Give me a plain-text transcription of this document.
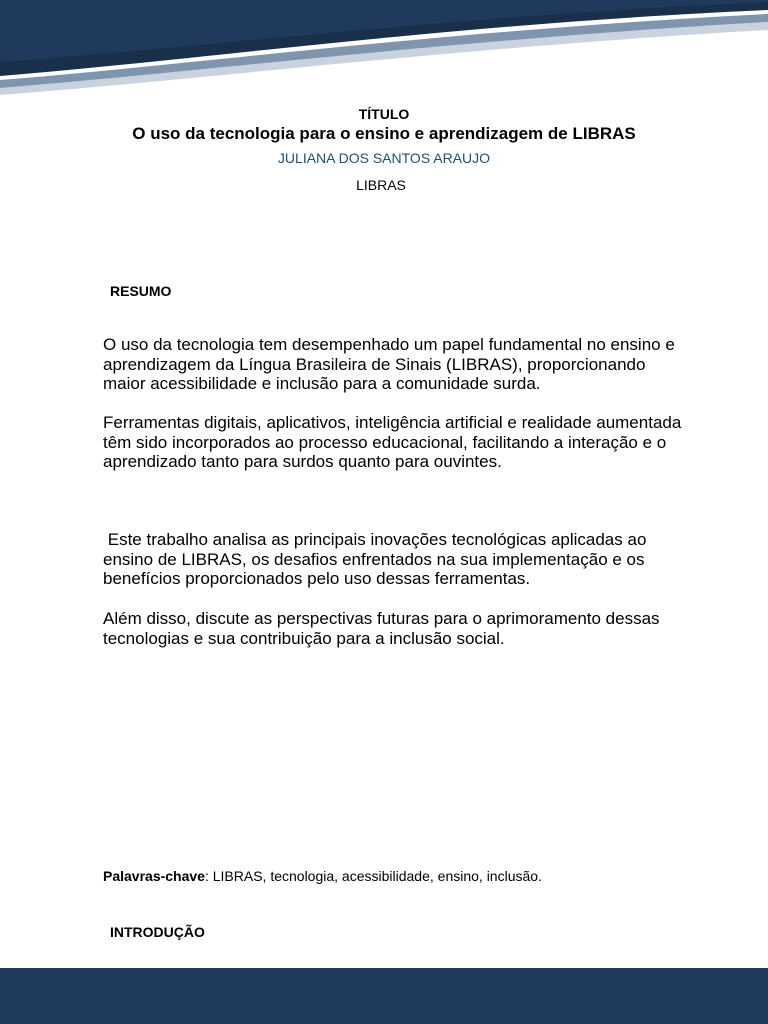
TÍTULO
O uso da tecnologia para o ensino e aprendizagem de LIBRAS
JULIANA DOS SANTOS ARAUJO
LIBRAS
RESUMO

O uso da tecnologia tem desempenhado um papel fundamental no ensino e aprendizagem da Língua Brasileira de Sinais (LIBRAS), proporcionando maior acessibilidade e inclusão para a comunidade surda.

Ferramentas digitais, aplicativos, inteligência artificial e realidade aumentada têm sido incorporados ao processo educacional, facilitando a interação e o aprendizado tanto para surdos quanto para ouvintes.

Este trabalho analisa as principais inovações tecnológicas aplicadas ao ensino de LIBRAS, os desafios enfrentados na sua implementação e os benefícios proporcionados pelo uso dessas ferramentas.

Além disso, discute as perspectivas futuras para o aprimoramento dessas tecnologias e sua contribuição para a inclusão social.

Palavras-chave: LIBRAS, tecnologia, acessibilidade, ensino, inclusão.
INTRODUÇÃO
